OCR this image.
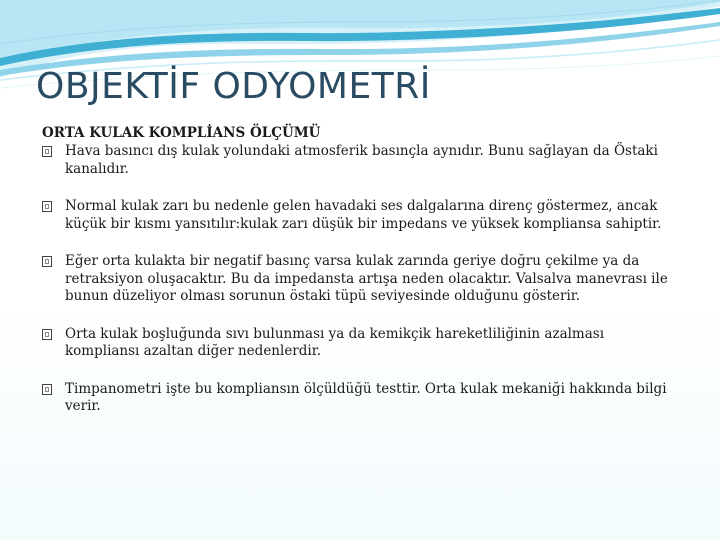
OBJEKTİF ODYOMETRİ

ORTA KULAK KOMPLİANS ÖLÇÜMÜ

Hava basıncı dış kulak yolundaki atmosferik basınçla aynıdır. Bunu sağlayan da Östaki kanalıdır.
Normal kulak zarı bu nedenle gelen havadaki ses dalgalarına direnç göstermez, ancak küçük bir kısmı yansıtılır:kulak zarı düşük bir impedans ve yüksek kompliansa sahiptir.
Eğer orta kulakta bir negatif basınç varsa kulak zarında geriye doğru çekilme ya da retraksiyon oluşacaktır. Bu da impedansta artışa neden olacaktır. Valsalva manevrası ile bunun düzeliyor olması sorunun östaki tüpü seviyesinde olduğunu gösterir.
Orta kulak boşluğunda sıvı bulunması ya da kemikçik hareketliliğinin azalması kompliansı azaltan diğer nedenlerdir.
Timpanometri işte bu kompliansın ölçüldüğü testtir. Orta kulak mekaniği hakkında bilgi verir.
